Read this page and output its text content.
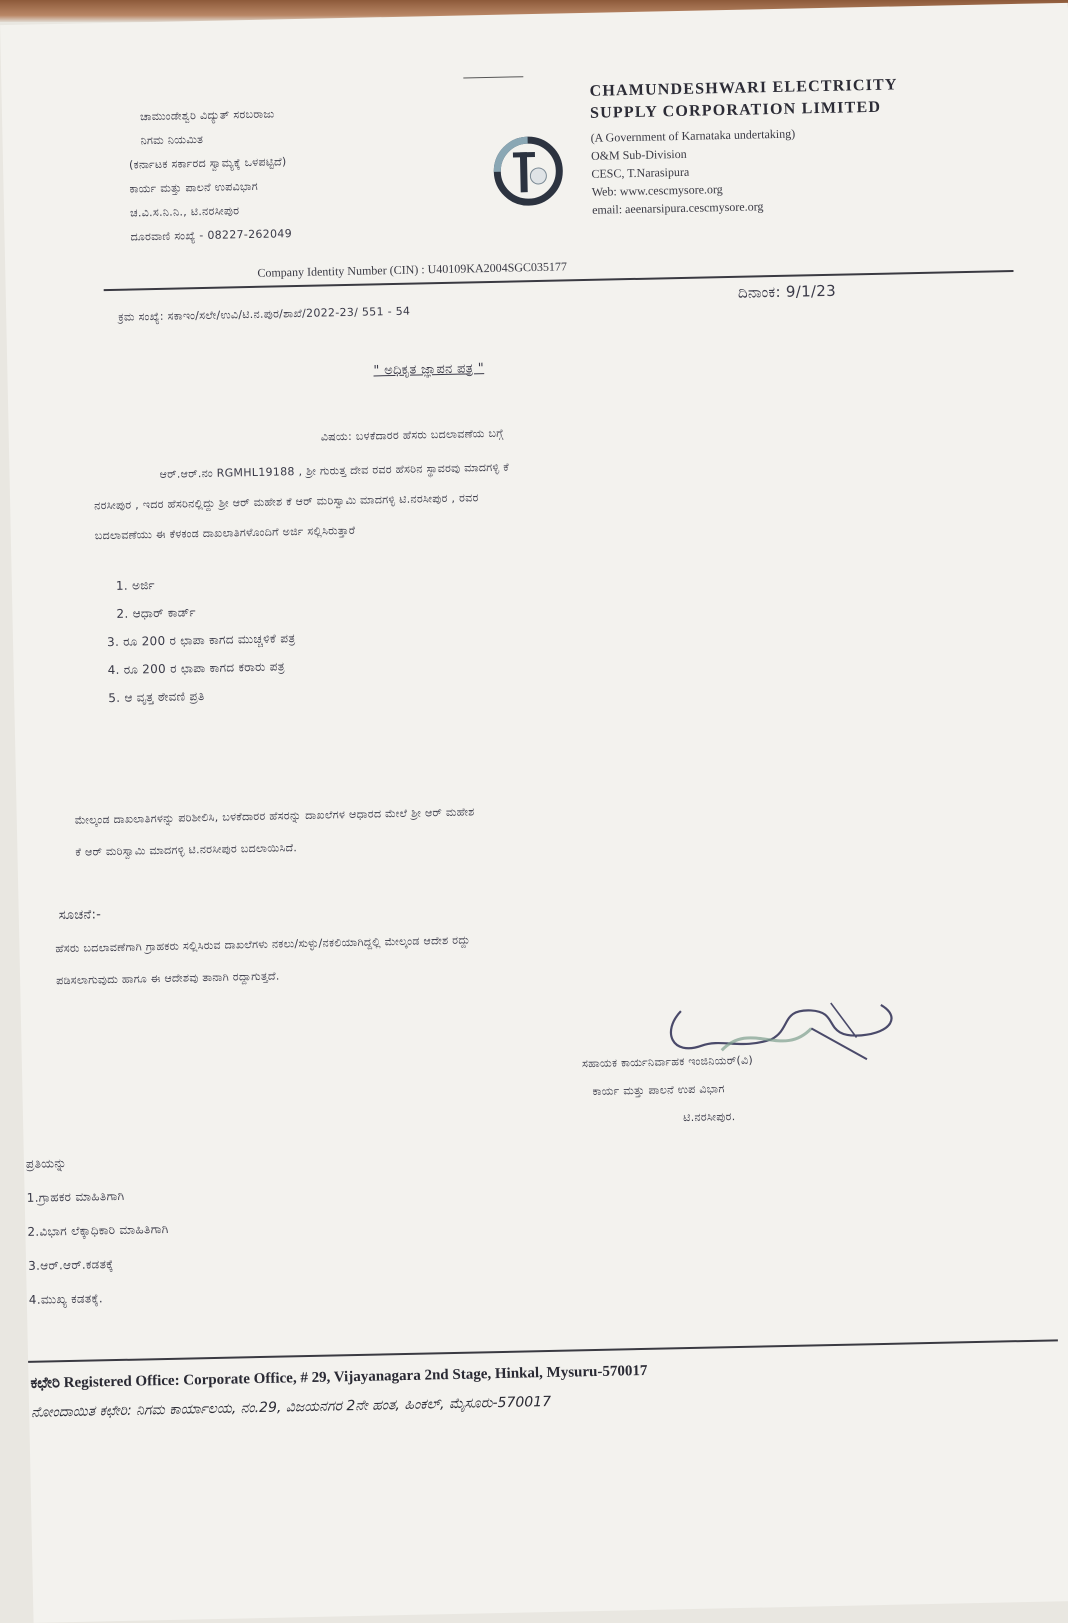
ಚಾಮುಂಡೇಶ್ವರಿ ವಿದ್ಯುತ್ ಸರಬರಾಜು
ನಿಗಮ ನಿಯಮಿತ
(ಕರ್ನಾಟಕ ಸರ್ಕಾರದ ಸ್ವಾಮ್ಯಕ್ಕೆ ಒಳಪಟ್ಟಿದೆ)
ಕಾರ್ಯ ಮತ್ತು ಪಾಲನೆ ಉಪವಿಭಾಗ
ಚ.ವಿ.ಸ.ನಿ.ನಿ., ಟಿ.ನರಸೀಪುರ
ದೂರವಾಣಿ ಸಂಖ್ಯೆ - 08227-262049
CHAMUNDESHWARI ELECTRICITY
SUPPLY CORPORATION LIMITED
(A Government of Karnataka undertaking)
O&M Sub-Division
CESC, T.Narasipura
Web: www.cescmysore.org
email: aeenarsipura.cescmysore.org
Company Identity Number (CIN) : U40109KA2004SGC035177
ಕ್ರಮ ಸಂಖ್ಯೆ: ಸಕಾಇಂ/ಸಲೇ/ಉವಿ/ಟಿ.ನ.ಪುರ/ಶಾಖೆ/2022-23/ 551 - 54
ದಿನಾಂಕ: 9/1/23
" ಅಧಿಕೃತ ಜ್ಞಾಪನ ಪತ್ರ "
ವಿಷಯ: ಬಳಕೆದಾರರ ಹೆಸರು ಬದಲಾವಣೆಯ ಬಗ್ಗೆ
ಆರ್.ಆರ್.ನಂ RGMHL19188 , ಶ್ರೀ ಗುರುತ್ತ ದೇವ ರವರ ಹೆಸರಿನ ಸ್ಥಾವರವು ಮಾದಗಳ್ಳಿ ಕೆ
ನರಸೀಪುರ , ಇದರ ಹೆಸರಿನಲ್ಲಿದ್ದು ಶ್ರೀ ಆರ್ ಮಹೇಶ ಕೆ ಆರ್ ಮರಿಸ್ವಾಮಿ ಮಾದಗಳ್ಳಿ ಟಿ.ನರಸೀಪುರ , ರವರ
ಬದಲಾವಣೆಯು ಈ ಕೆಳಕಂಡ ದಾಖಲಾತಿಗಳೊಂದಿಗೆ ಅರ್ಜಿ ಸಲ್ಲಿಸಿರುತ್ತಾರೆ
1. ಅರ್ಜಿ
2. ಆಧಾರ್ ಕಾರ್ಡ್
3. ರೂ 200 ರ ಛಾಪಾ ಕಾಗದ ಮುಚ್ಚಳಿಕೆ ಪತ್ರ
4. ರೂ 200 ರ ಛಾಪಾ ಕಾಗದ ಕರಾರು ಪತ್ರ
5. ಆ ವೃತ್ತ ಠೇವಣಿ ಪ್ರತಿ
ಮೇಲ್ಕಂಡ ದಾಖಲಾತಿಗಳನ್ನು ಪರಿಶೀಲಿಸಿ, ಬಳಕೆದಾರರ ಹೆಸರನ್ನು ದಾಖಲೆಗಳ ಆಧಾರದ ಮೇಲೆ ಶ್ರೀ ಆರ್ ಮಹೇಶ
ಕೆ ಆರ್ ಮರಿಸ್ವಾಮಿ ಮಾದಗಳ್ಳಿ ಟಿ.ನರಸೀಪುರ ಬದಲಾಯಿಸಿದೆ.
ಸೂಚನೆ:-
ಹೆಸರು ಬದಲಾವಣೆಗಾಗಿ ಗ್ರಾಹಕರು ಸಲ್ಲಿಸಿರುವ ದಾಖಲೆಗಳು ನಕಲು/ಸುಳ್ಳು/ನಕಲಿಯಾಗಿದ್ದಲ್ಲಿ ಮೇಲ್ಕಂಡ ಆದೇಶ ರದ್ದು
ಪಡಿಸಲಾಗುವುದು ಹಾಗೂ ಈ ಆದೇಶವು ತಾನಾಗಿ ರದ್ದಾಗುತ್ತದೆ.
ಸಹಾಯಕ ಕಾರ್ಯನಿರ್ವಾಹಕ ಇಂಜಿನಿಯರ್(ವಿ)
ಕಾರ್ಯ ಮತ್ತು ಪಾಲನೆ ಉಪ ವಿಭಾಗ
ಟಿ.ನರಸೀಪುರ.
ಪ್ರತಿಯನ್ನು
1.ಗ್ರಾಹಕರ ಮಾಹಿತಿಗಾಗಿ
2.ವಿಭಾಗ ಲೆಕ್ಕಾಧಿಕಾರಿ ಮಾಹಿತಿಗಾಗಿ
3.ಆರ್.ಆರ್.ಕಡತಕ್ಕೆ
4.ಮುಖ್ಯ ಕಡತಕ್ಕೆ.
ಕಛೇರಿ Registered Office: Corporate Office, # 29, Vijayanagara 2nd Stage, Hinkal, Mysuru-570017
ನೋಂದಾಯಿತ ಕಛೇರಿ: ನಿಗಮ ಕಾರ್ಯಾಲಯ, ನಂ.29, ವಿಜಯನಗರ 2ನೇ ಹಂತ, ಹಿಂಕಲ್, ಮೈಸೂರು-570017
